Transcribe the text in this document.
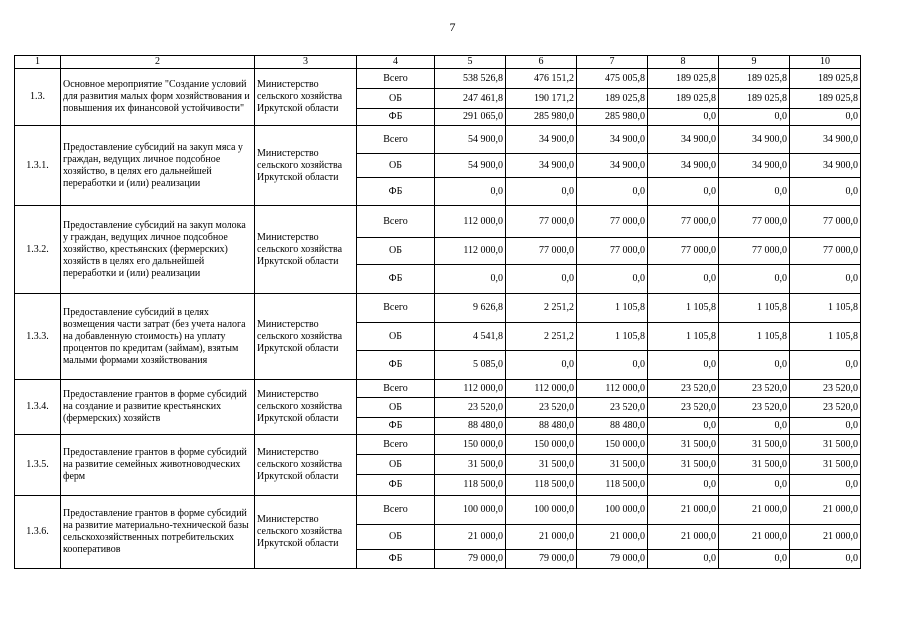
7
1	2	3	4	5	6	7	8	9	10
1.3.	Основное мероприятие "Создание условий для развития малых форм хозяйствования и повышения их финансовой устойчивости"	Министерство сельского хозяйства Иркутской области	Всего	538 526,8	476 151,2	475 005,8	189 025,8	189 025,8	189 025,8
			ОБ	247 461,8	190 171,2	189 025,8	189 025,8	189 025,8	189 025,8
			ФБ	291 065,0	285 980,0	285 980,0	0,0	0,0	0,0
1.3.1.	Предоставление субсидий на закуп мяса у граждан, ведущих личное подсобное хозяйство, в целях его дальнейшей переработки и (или) реализации	Министерство сельского хозяйства Иркутской области	Всего	54 900,0	34 900,0	34 900,0	34 900,0	34 900,0	34 900,0
			ОБ	54 900,0	34 900,0	34 900,0	34 900,0	34 900,0	34 900,0
			ФБ	0,0	0,0	0,0	0,0	0,0	0,0
1.3.2.	Предоставление субсидий на закуп молока у граждан, ведущих личное подсобное хозяйство, крестьянских (фермерских) хозяйств в целях его дальнейшей переработки и (или) реализации	Министерство сельского хозяйства Иркутской области	Всего	112 000,0	77 000,0	77 000,0	77 000,0	77 000,0	77 000,0
			ОБ	112 000,0	77 000,0	77 000,0	77 000,0	77 000,0	77 000,0
			ФБ	0,0	0,0	0,0	0,0	0,0	0,0
1.3.3.	Предоставление субсидий в целях возмещения части затрат (без учета налога на добавленную стоимость) на уплату процентов по кредитам (займам), взятым малыми формами хозяйствования	Министерство сельского хозяйства Иркутской области	Всего	9 626,8	2 251,2	1 105,8	1 105,8	1 105,8	1 105,8
			ОБ	4 541,8	2 251,2	1 105,8	1 105,8	1 105,8	1 105,8
			ФБ	5 085,0	0,0	0,0	0,0	0,0	0,0
1.3.4.	Предоставление грантов в форме субсидий на создание и развитие крестьянских (фермерских) хозяйств	Министерство сельского хозяйства Иркутской области	Всего	112 000,0	112 000,0	112 000,0	23 520,0	23 520,0	23 520,0
			ОБ	23 520,0	23 520,0	23 520,0	23 520,0	23 520,0	23 520,0
			ФБ	88 480,0	88 480,0	88 480,0	0,0	0,0	0,0
1.3.5.	Предоставление грантов в форме субсидий на развитие семейных животноводческих ферм	Министерство сельского хозяйства Иркутской области	Всего	150 000,0	150 000,0	150 000,0	31 500,0	31 500,0	31 500,0
			ОБ	31 500,0	31 500,0	31 500,0	31 500,0	31 500,0	31 500,0
			ФБ	118 500,0	118 500,0	118 500,0	0,0	0,0	0,0
1.3.6.	Предоставление грантов в форме субсидий на развитие материально-технической базы сельскохозяйственных потребительских кооперативов	Министерство сельского хозяйства Иркутской области	Всего	100 000,0	100 000,0	100 000,0	21 000,0	21 000,0	21 000,0
			ОБ	21 000,0	21 000,0	21 000,0	21 000,0	21 000,0	21 000,0
			ФБ	79 000,0	79 000,0	79 000,0	0,0	0,0	0,0
